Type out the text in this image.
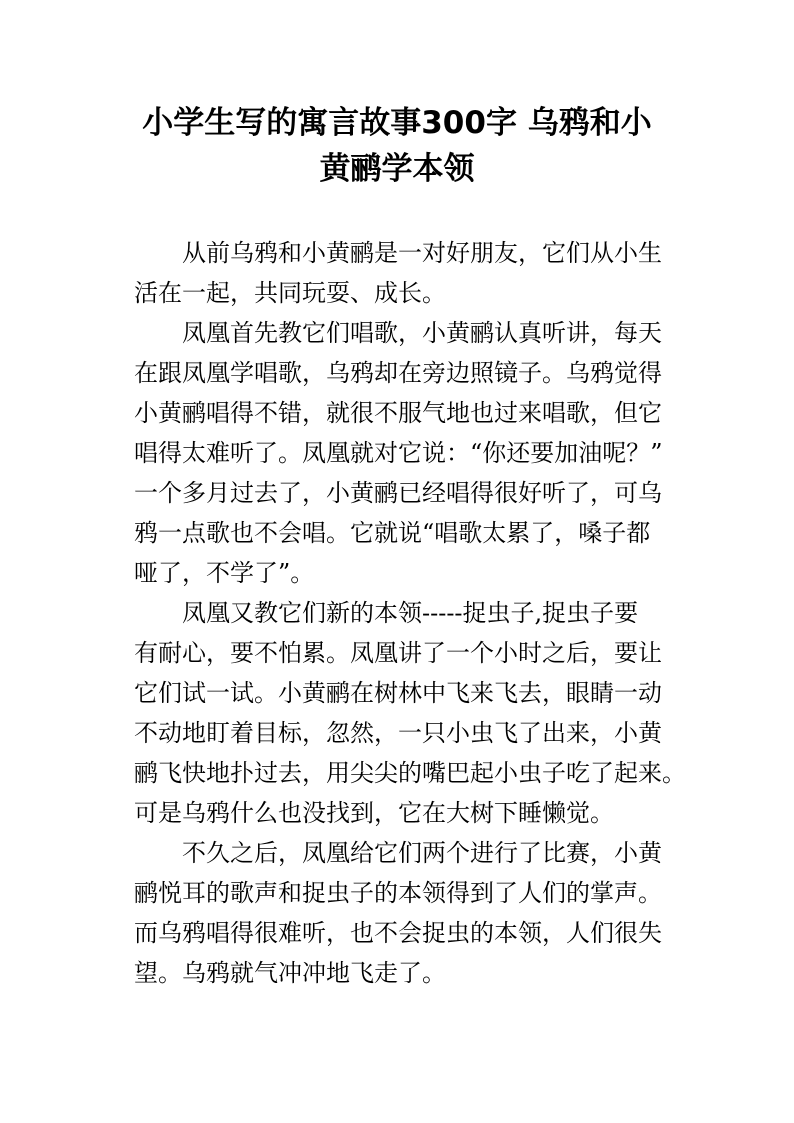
小学生写的寓言故事300字 乌鸦和小
黄鹂学本领
从前乌鸦和小黄鹂是一对好朋友，它们从小生
活在一起，共同玩耍、成长。
凤凰首先教它们唱歌，小黄鹂认真听讲，每天
在跟凤凰学唱歌，乌鸦却在旁边照镜子。乌鸦觉得
小黄鹂唱得不错，就很不服气地也过来唱歌，但它
唱得太难听了。凤凰就对它说：“你还要加油呢？”
一个多月过去了，小黄鹂已经唱得很好听了，可乌
鸦一点歌也不会唱。它就说“唱歌太累了，嗓子都
哑了，不学了”。
凤凰又教它们新的本领-----捉虫子,捉虫子要
有耐心，要不怕累。凤凰讲了一个小时之后，要让
它们试一试。小黄鹂在树林中飞来飞去，眼睛一动
不动地盯着目标，忽然，一只小虫飞了出来，小黄
鹂飞快地扑过去，用尖尖的嘴巴起小虫子吃了起来。
可是乌鸦什么也没找到，它在大树下睡懒觉。
不久之后，凤凰给它们两个进行了比赛，小黄
鹂悦耳的歌声和捉虫子的本领得到了人们的掌声。
而乌鸦唱得很难听，也不会捉虫的本领，人们很失
望。乌鸦就气冲冲地飞走了。
